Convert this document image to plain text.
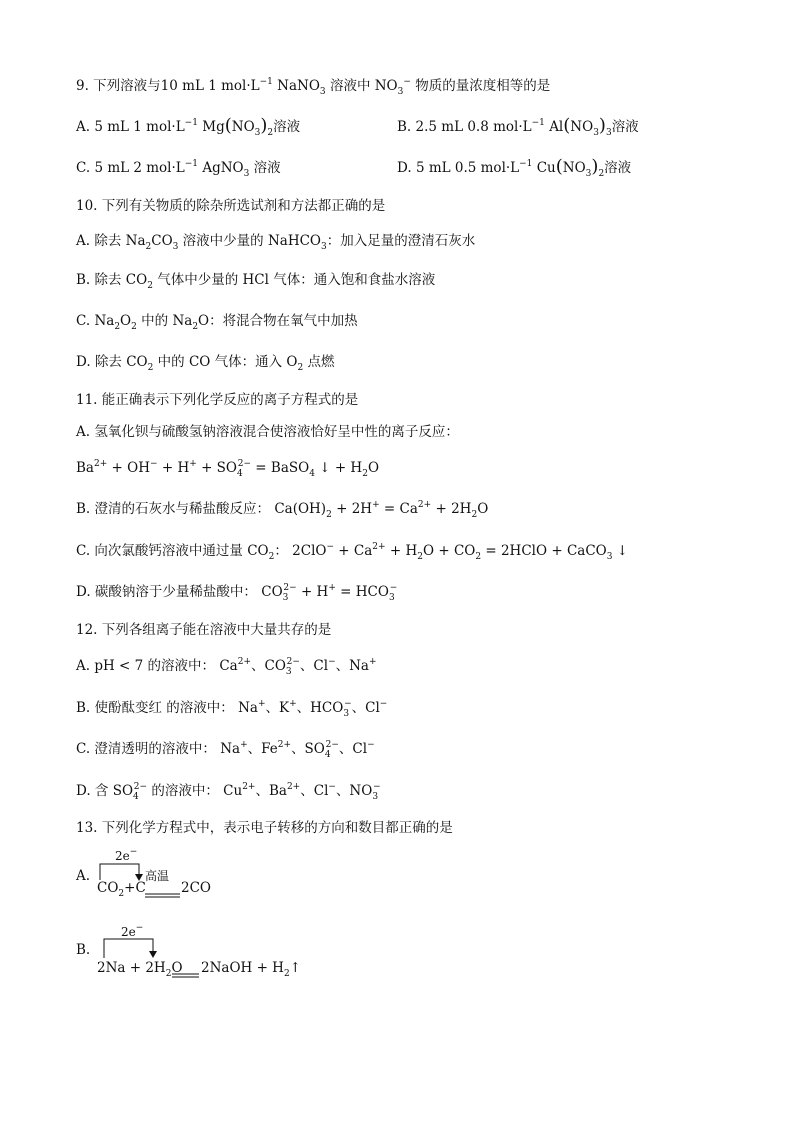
9. 下列溶液与10 mL 1 $mol\cdot L^{-1}$ NaNO$_3$ 溶液中 $NO_3^-$ 物质的量浓度相等的是
A. 5 mL 1 $mol\cdot L^{-1}$ $Mg(NO_3)_2$溶液	B. 2.5 mL 0.8 $mol\cdot L^{-1}$ $Al(NO_3)_3$溶液
C. 5 mL 2 $mol\cdot L^{-1}$ AgNO$_3$ 溶液	D. 5 mL 0.5 $mol\cdot L^{-1}$ $Cu(NO_3)_2$溶液
10. 下列有关物质的除杂所选试剂和方法都正确的是
A. 除去 $Na_2CO_3$ 溶液中少量的 NaHCO$_3$：加入足量的澄清石灰水
B. 除去 $CO_2$ 气体中少量的 HCl 气体：通入饱和食盐水溶液
C. $Na_2O_2$ 中的 $Na_2O$：将混合物在氧气中加热
D. 除去 $CO_2$ 中的 CO 气体：通入 $O_2$ 点燃
11. 能正确表示下列化学反应的离子方程式的是
A. 氢氧化钡与硫酸氢钠溶液混合使溶液恰好呈中性的离子反应：
$Ba^{2+} + OH^- + H^+ + SO_4^{2-}$ = BaSO$_4$ ↓ + $H_2O$
B. 澄清的石灰水与稀盐酸反应： $Ca(OH)_2 + 2H^+ = Ca^{2+} + 2H_2O$
C. 向次氯酸钙溶液中通过量 $CO_2$： $2ClO^- + Ca^{2+} + H_2O + CO_2$ = 2HClO + CaCO$_3$ ↓
D. 碳酸钠溶于少量稀盐酸中： $CO_3^{2-} + H^+ = HCO_3^-$
12. 下列各组离子能在溶液中大量共存的是
A. pH < 7 的溶液中： $Ca^{2+}$、$CO_3^{2-}$、Cl−、Na+
B. 使酚酞变红 的溶液中： Na+、K+、$HCO_3^-$、Cl−
C. 澄清透明的溶液中： Na+、$Fe^{2+}$、$SO_4^{2-}$、Cl−
D. 含 $SO_4^{2-}$ 的溶液中： $Cu^{2+}$、$Ba^{2+}$、Cl−、$NO_3^-$
13. 下列化学方程式中，表示电子转移的方向和数目都正确的是
A.
2e−
高温
$CO_2+C$	2CO
B.
2e−
$2Na + 2H_2O$ 2NaOH + $H_2↑$
